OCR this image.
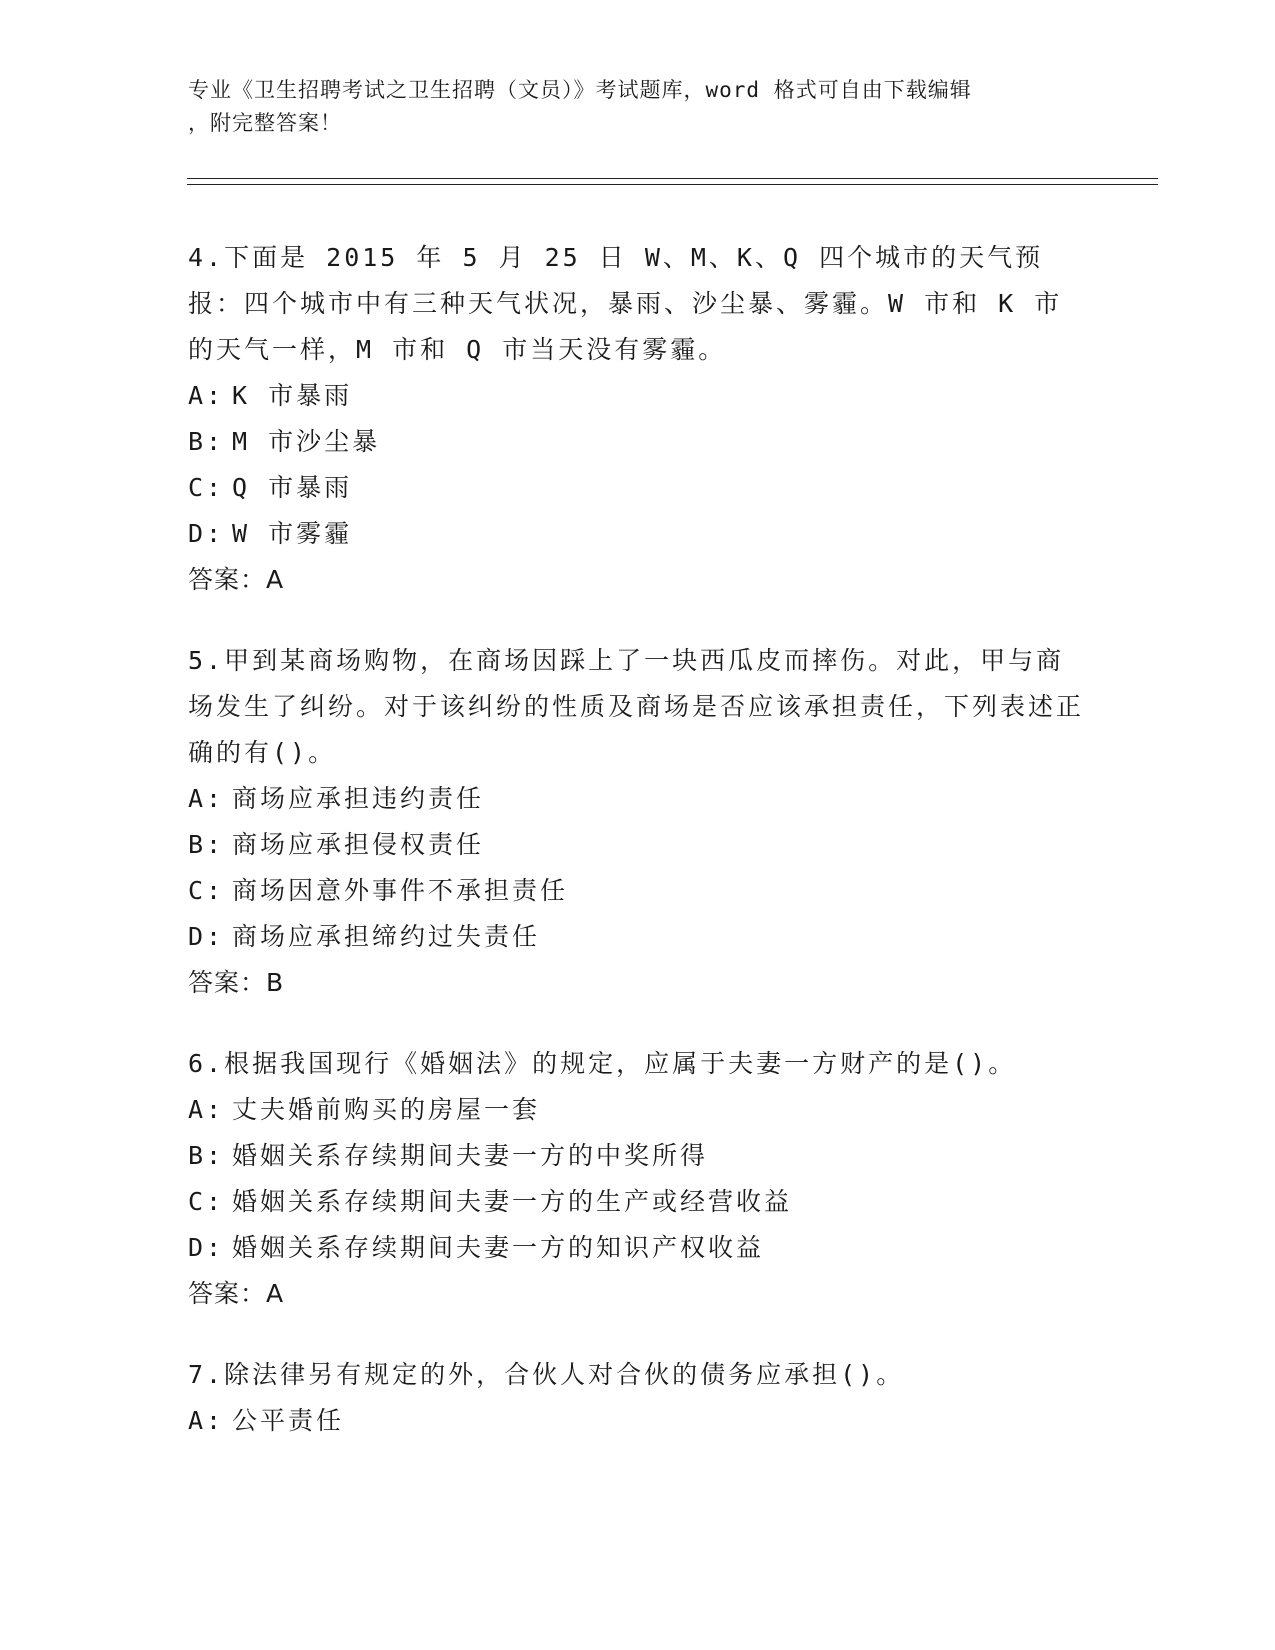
专业《卫生招聘考试之卫生招聘（文员）》考试题库，word 格式可自由下载编辑
，附完整答案！

4.下面是 2015 年 5 月 25 日 W、M、K、Q 四个城市的天气预报：四个城市中有三种天气状况，暴雨、沙尘暴、雾霾。W 市和 K 市的天气一样，M 市和 Q 市当天没有雾霾。

A: K 市暴雨
B: M 市沙尘暴
C: Q 市暴雨
D: W 市雾霾
答案：A

5.甲到某商场购物，在商场因踩上了一块西瓜皮而摔伤。对此，甲与商场发生了纠纷。对于该纠纷的性质及商场是否应该承担责任，下列表述正确的有()。

A: 商场应承担违约责任
B: 商场应承担侵权责任
C: 商场因意外事件不承担责任
D: 商场应承担缔约过失责任
答案：B

6.根据我国现行《婚姻法》的规定，应属于夫妻一方财产的是()。

A: 丈夫婚前购买的房屋一套
B: 婚姻关系存续期间夫妻一方的中奖所得
C: 婚姻关系存续期间夫妻一方的生产或经营收益
D: 婚姻关系存续期间夫妻一方的知识产权收益
答案：A

7.除法律另有规定的外，合伙人对合伙的债务应承担()。

A: 公平责任
